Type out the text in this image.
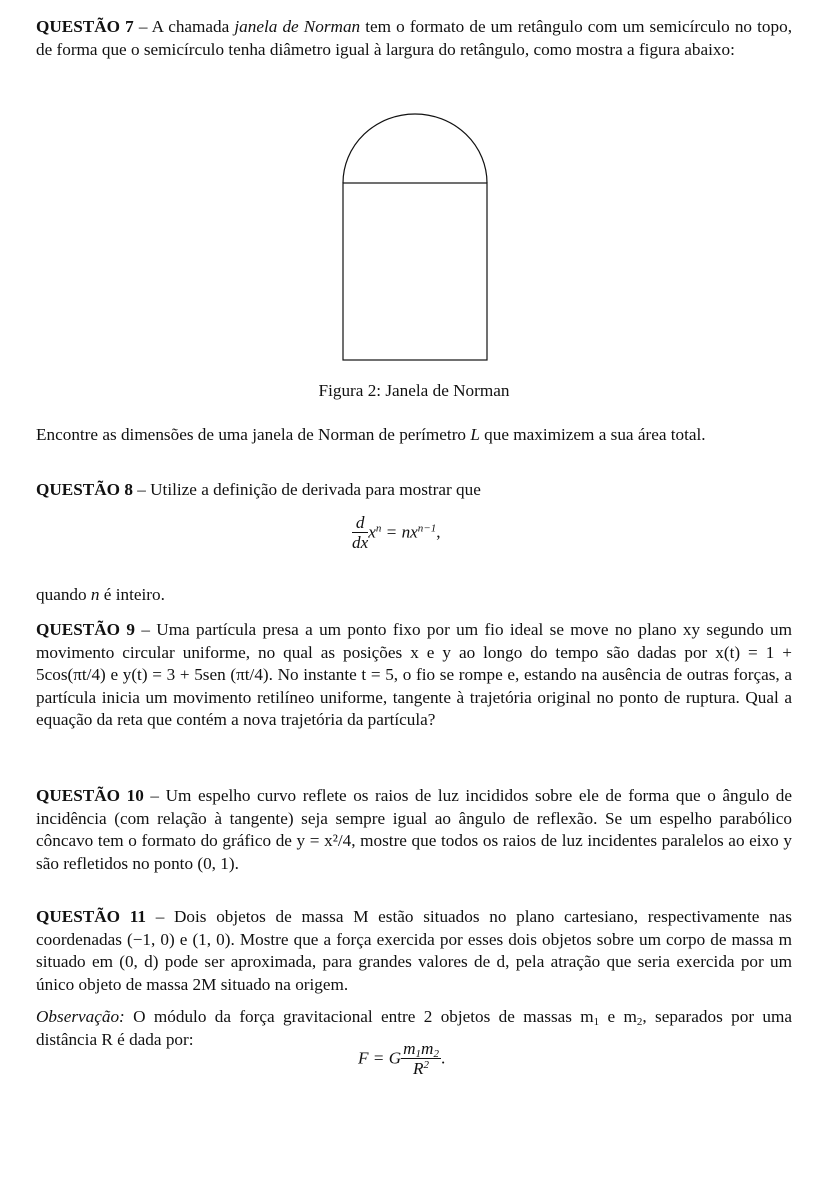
QUESTÃO 7 – A chamada janela de Norman tem o formato de um retângulo com um semicírculo no topo, de forma que o semicírculo tenha diâmetro igual à largura do retângulo, como mostra a figura abaixo:

Figura 2: Janela de Norman

Encontre as dimensões de uma janela de Norman de perímetro L que maximizem a sua área total.

QUESTÃO 8 – Utilize a definição de derivada para mostrar que

$\frac{d}{dx} x^n = nx^{n-1}$,

quando n é inteiro.

QUESTÃO 9 – Uma partícula presa a um ponto fixo por um fio ideal se move no plano xy segundo um movimento circular uniforme, no qual as posições x e y ao longo do tempo são dadas por x(t) = 1 + 5cos(πt/4) e y(t) = 3 + 5sen (πt/4). No instante t = 5, o fio se rompe e, estando na ausência de outras forças, a partícula inicia um movimento retilíneo uniforme, tangente à trajetória original no ponto de ruptura. Qual a equação da reta que contém a nova trajetória da partícula?

QUESTÃO 10 – Um espelho curvo reflete os raios de luz incididos sobre ele de forma que o ângulo de incidência (com relação à tangente) seja sempre igual ao ângulo de reflexão. Se um espelho parabólico côncavo tem o formato do gráfico de y = x²/4, mostre que todos os raios de luz incidentes paralelos ao eixo y são refletidos no ponto (0, 1).

QUESTÃO 11 – Dois objetos de massa M estão situados no plano cartesiano, respectivamente nas coordenadas (−1, 0) e (1, 0). Mostre que a força exercida por esses dois objetos sobre um corpo de massa m situado em (0, d) pode ser aproximada, para grandes valores de d, pela atração que seria exercida por um único objeto de massa 2M situado na origem.

Observação: O módulo da força gravitacional entre 2 objetos de massas $m_1$ e $m_2$, separados por uma distância R é dada por:

F = G $\frac{m_1m_2}{R^2}$ .
